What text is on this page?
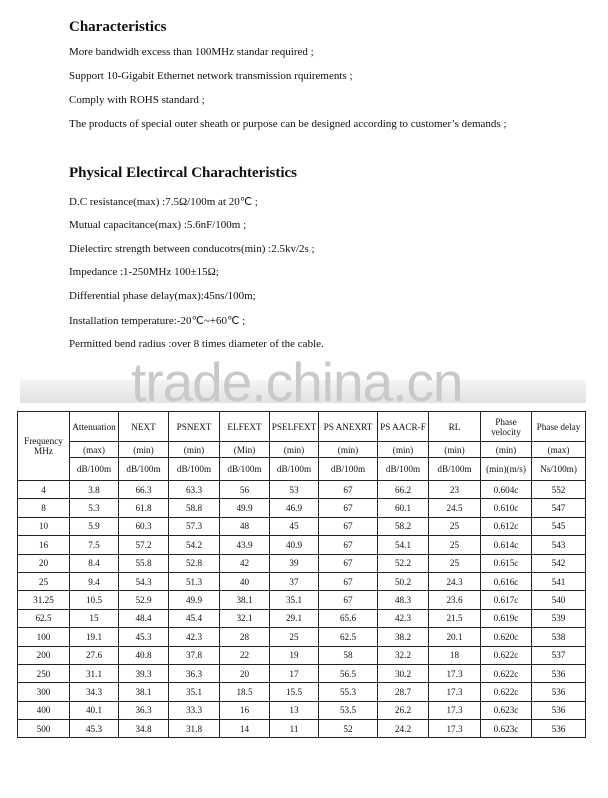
Characteristics

More bandwidh excess than 100MHz standar required ;

Support 10-Gigabit Ethernet network transmission rquirements ;

Comply with ROHS standard ;

The products of special outer sheath or purpose can be designed according to customer’s demands ;

Physical Electircal Charachteristics

D.C resistance(max) :7.5Ω/100m at 20℃ ;

Mutual capacitance(max) :5.6nF/100m ;

Dielectirc strength between conducotrs(min) :2.5kv/2s ;

Impedance :1-250MHz 100±15Ω;

Differential phase delay(max):45ns/100m;

Installation temperature:-20℃~+60℃ ;

Permitted bend radius :over 8 times diameter of the cable.

trade.china.cn
Frequency MHz	Attenuation	NEXT	PSNEXT	ELFEXT	PSELFEXT	PS ANEXRT	PS AACR-F	RL	Phase velocity	Phase delay
	(max)	(min)	(min)	(Min)	(min)	(min)	(min)	(min)	(min)	(max)
	dB/100m	dB/100m	dB/100m	dB/100m	dB/100m	dB/100m	dB/100m	dB/100m	(min)(m/s)	Ns/100m)
4	3.8	66.3	63.3	56	53	67	66.2	23	0.604c	552
8	5.3	61.8	58.8	49.9	46.9	67	60.1	24.5	0.610c	547
10	5.9	60.3	57.3	48	45	67	58.2	25	0.612c	545
16	7.5	57.2	54.2	43.9	40.9	67	54.1	25	0.614c	543
20	8.4	55.8	52.8	42	39	67	52.2	25	0.615c	542
25	9.4	54.3	51.3	40	37	67	50.2	24.3	0.616c	541
31.25	10.5	52.9	49.9	38.1	35.1	67	48.3	23.6	0.617c	540
62.5	15	48.4	45.4	32.1	29.1	65.6	42.3	21.5	0.619c	539
100	19.1	45.3	42.3	28	25	62.5	38.2	20.1	0.620c	538
200	27.6	40.8	37.8	22	19	58	32.2	18	0.622c	537
250	31.1	39.3	36.3	20	17	56.5	30.2	17.3	0.622c	536
300	34.3	38.1	35.1	18.5	15.5	55.3	28.7	17.3	0.622c	536
400	40.1	36.3	33.3	16	13	53.5	26.2	17.3	0.623c	536
500	45.3	34.8	31.8	14	11	52	24.2	17.3	0.623c	536
